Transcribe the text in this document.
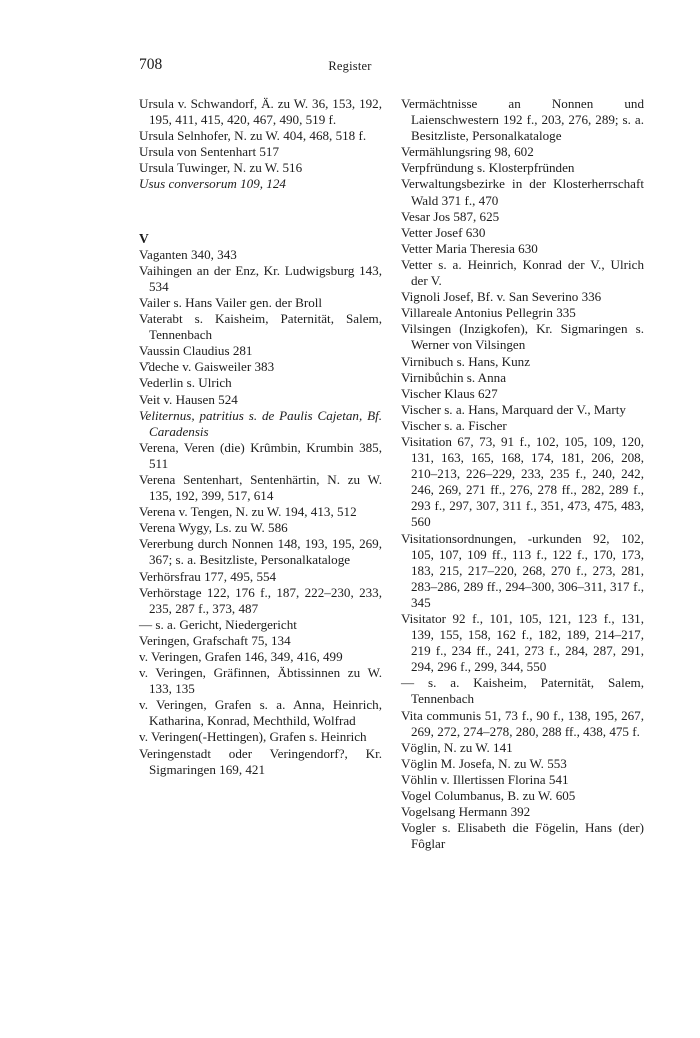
708	Register

Ursula v. Schwandorf, Ä. zu W. 36, 153, 192, 195, 411, 415, 420, 467, 490, 519 f.

Ursula Selnhofer, N. zu W. 404, 468, 518 f.

Ursula von Sentenhart 517

Ursula Tuwinger, N. zu W. 516

Usus conversorum 109, 124

V

Vaganten 340, 343

Vaihingen an der Enz, Kr. Ludwigsburg 143, 534

Vailer s. Hans Vailer gen. der Broll

Vaterabt s. Kaisheim, Paternität, Salem, Tennenbach

Vaussin Claudius 281

V̊deche v. Gaisweiler 383

Vederlin s. Ulrich

Veit v. Hausen 524

Veliternus, patritius s. de Paulis Cajetan, Bf. Caradensis

Verena, Veren (die) Krûmbin, Krumbin 385, 511

Verena Sentenhart, Sentenhärtin, N. zu W. 135, 192, 399, 517, 614

Verena v. Tengen, N. zu W. 194, 413, 512

Verena Wygy, Ls. zu W. 586

Vererbung durch Nonnen 148, 193, 195, 269, 367; s. a. Besitzliste, Personalkataloge

Verhörsfrau 177, 495, 554

Verhörstage 122, 176 f., 187, 222–230, 233, 235, 287 f., 373, 487

— s. a. Gericht, Niedergericht

Veringen, Grafschaft 75, 134

v. Veringen, Grafen 146, 349, 416, 499

v. Veringen, Gräfinnen, Äbtissinnen zu W. 133, 135

v. Veringen, Grafen s. a. Anna, Heinrich, Katharina, Konrad, Mechthild, Wolfrad

v. Veringen(-Hettingen), Grafen s. Heinrich

Veringenstadt oder Veringendorf?, Kr. Sigmaringen 169, 421

Vermächtnisse an Nonnen und Laienschwestern 192 f., 203, 276, 289; s. a. Besitzliste, Personalkataloge

Vermählungsring 98, 602

Verpfründung s. Klosterpfründen

Verwaltungsbezirke in der Klosterherrschaft Wald 371 f., 470

Vesar Jos 587, 625

Vetter Josef 630

Vetter Maria Theresia 630

Vetter s. a. Heinrich, Konrad der V., Ulrich der V.

Vignoli Josef, Bf. v. San Severino 336

Villareale Antonius Pellegrin 335

Vilsingen (Inzigkofen), Kr. Sigmaringen s. Werner von Vilsingen

Virnibuch s. Hans, Kunz

Virnibůchin s. Anna

Vischer Klaus 627

Vischer s. a. Hans, Marquard der V., Marty

Vischer s. a. Fischer

Visitation 67, 73, 91 f., 102, 105, 109, 120, 131, 163, 165, 168, 174, 181, 206, 208, 210–213, 226–229, 233, 235 f., 240, 242, 246, 269, 271 ff., 276, 278 ff., 282, 289 f., 293 f., 297, 307, 311 f., 351, 473, 475, 483, 560

Visitationsordnungen, -urkunden 92, 102, 105, 107, 109 ff., 113 f., 122 f., 170, 173, 183, 215, 217–220, 268, 270 f., 273, 281, 283–286, 289 ff., 294–300, 306–311, 317 f., 345

Visitator 92 f., 101, 105, 121, 123 f., 131, 139, 155, 158, 162 f., 182, 189, 214–217, 219 f., 234 ff., 241, 273 f., 284, 287, 291, 294, 296 f., 299, 344, 550

— s. a. Kaisheim, Paternität, Salem, Tennenbach

Vita communis 51, 73 f., 90 f., 138, 195, 267, 269, 272, 274–278, 280, 288 ff., 438, 475 f.

Vöglin, N. zu W. 141

Vöglin M. Josefa, N. zu W. 553

Vöhlin v. Illertissen Florina 541

Vogel Columbanus, B. zu W. 605

Vogelsang Hermann 392

Vogler s. Elisabeth die Fögelin, Hans (der) Fôglar
